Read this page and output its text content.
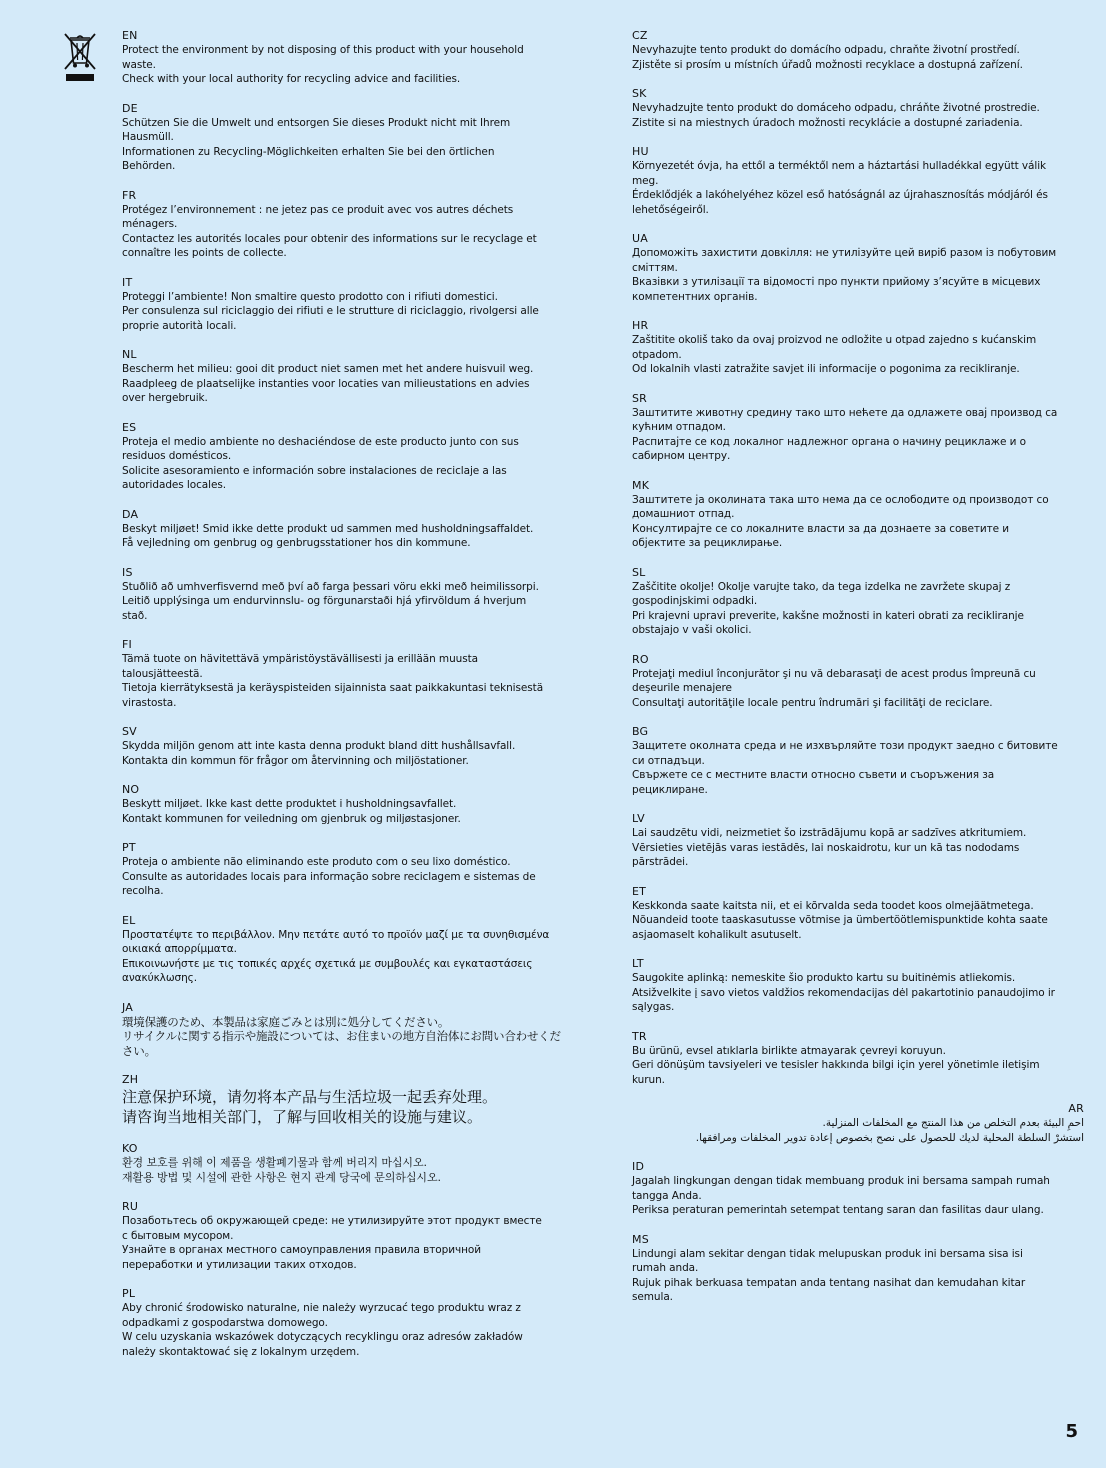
EN
Protect the environment by not disposing of this product with your household
waste.
Check with your local authority for recycling advice and facilities.
DE
Schützen Sie die Umwelt und entsorgen Sie dieses Produkt nicht mit Ihrem
Hausmüll.
Informationen zu Recycling-Möglichkeiten erhalten Sie bei den örtlichen
Behörden.
FR
Protégez l’environnement : ne jetez pas ce produit avec vos autres déchets
ménagers.
Contactez les autorités locales pour obtenir des informations sur le recyclage et
connaître les points de collecte.
IT
Proteggi l’ambiente! Non smaltire questo prodotto con i rifiuti domestici.
Per consulenza sul riciclaggio dei rifiuti e le strutture di riciclaggio, rivolgersi alle
proprie autorità locali.
NL
Bescherm het milieu: gooi dit product niet samen met het andere huisvuil weg.
Raadpleeg de plaatselijke instanties voor locaties van milieustations en advies
over hergebruik.
ES
Proteja el medio ambiente no deshaciéndose de este producto junto con sus
residuos domésticos.
Solicite asesoramiento e información sobre instalaciones de reciclaje a las
autoridades locales.
DA
Beskyt miljøet! Smid ikke dette produkt ud sammen med husholdningsaffaldet.
Få vejledning om genbrug og genbrugsstationer hos din kommune.
IS
Stuðlið að umhverfisvernd með því að farga þessari vöru ekki með heimilissorpi.
Leitið upplýsinga um endurvinnslu- og förgunarstaði hjá yfirvöldum á hverjum
stað.
FI
Tämä tuote on hävitettävä ympäristöystävällisesti ja erillään muusta
talousjätteestä.
Tietoja kierrätyksestä ja keräyspisteiden sijainnista saat paikkakuntasi teknisestä
virastosta.
SV
Skydda miljön genom att inte kasta denna produkt bland ditt hushållsavfall.
Kontakta din kommun för frågor om återvinning och miljöstationer.
NO
Beskytt miljøet. Ikke kast dette produktet i husholdningsavfallet.
Kontakt kommunen for veiledning om gjenbruk og miljøstasjoner.
PT
Proteja o ambiente não eliminando este produto com o seu lixo doméstico.
Consulte as autoridades locais para informação sobre reciclagem e sistemas de
recolha.
EL
Προστατέψτε το περιβάλλον. Μην πετάτε αυτό το προϊόν μαζί με τα συνηθισμένα
οικιακά απορρίμματα.
Επικοινωνήστε με τις τοπικές αρχές σχετικά με συμβουλές και εγκαταστάσεις
ανακύκλωσης.
JA
環境保護のため、本製品は家庭ごみとは別に処分してください。
リサイクルに関する指示や施設については、お住まいの地方自治体にお問い合わせくだ
さい。
ZH
注意保护环境，请勿将本产品与生活垃圾一起丢弃处理。
请咨询当地相关部门，了解与回收相关的设施与建议。
KO
환경 보호를 위해 이 제품을 생활폐기물과 함께 버리지 마십시오.
재활용 방법 및 시설에 관한 사항은 현지 관계 당국에 문의하십시오.
RU
Позаботьтесь об окружающей среде: не утилизируйте этот продукт вместе
с бытовым мусором.
Узнайте в органах местного самоуправления правила вторичной
переработки и утилизации таких отходов.
PL
Aby chronić środowisko naturalne, nie należy wyrzucać tego produktu wraz z
odpadkami z gospodarstwa domowego.
W celu uzyskania wskazówek dotyczących recyklingu oraz adresów zakładów
należy skontaktować się z lokalnym urzędem.
CZ
Nevyhazujte tento produkt do domácího odpadu, chraňte životní prostředí.
Zjistěte si prosím u místních úřadů možnosti recyklace a dostupná zařízení.
SK
Nevyhadzujte tento produkt do domáceho odpadu, chráňte životné prostredie.
Zistite si na miestnych úradoch možnosti recyklácie a dostupné zariadenia.
HU
Környezetét óvja, ha ettől a terméktől nem a háztartási hulladékkal együtt válik
meg.
Érdeklődjék a lakóhelyéhez közel eső hatóságnál az újrahasznosítás módjáról és
lehetőségeiről.
UA
Допоможіть захистити довкілля: не утилізуйте цей виріб разом із побутовим
сміттям.
Вказівки з утилізації та відомості про пункти прийому з’ясуйте в місцевих
компетентних органів.
HR
Zaštitite okoliš tako da ovaj proizvod ne odložite u otpad zajedno s kućanskim
otpadom.
Od lokalnih vlasti zatražite savjet ili informacije o pogonima za recikliranje.
SR
Заштитите животну средину тако што нећете да одлажете овај производ са
кућним отпадом.
Распитајте се код локалног надлежног органа о начину рециклаже и о
сабирном центру.
MK
Заштитете ја околината така што нема да се ослободите од производот со
домашниот отпад.
Консултирајте се со локалните власти за да дознаете за советите и
објектите за рециклирање.
SL
Zaščitite okolje! Okolje varujte tako, da tega izdelka ne zavržete skupaj z
gospodinjskimi odpadki.
Pri krajevni upravi preverite, kakšne možnosti in kateri obrati za recikliranje
obstajajo v vaši okolici.
RO
Protejaţi mediul înconjurător şi nu vă debarasaţi de acest produs împreună cu
deşeurile menajere
Consultaţi autorităţile locale pentru îndrumări şi facilităţi de reciclare.
BG
Защитете околната среда и не изхвърляйте този продукт заедно с битовите
си отпадъци.
Свържете се с местните власти относно съвети и съоръжения за
рециклиране.
LV
Lai saudzētu vidi, neizmetiet šo izstrādājumu kopā ar sadzīves atkritumiem.
Vērsieties vietējās varas iestādēs, lai noskaidrotu, kur un kā tas nododams
pārstrādei.
ET
Keskkonda saate kaitsta nii, et ei kõrvalda seda toodet koos olmejäätmetega.
Nõuandeid toote taaskasutusse võtmise ja ümbertöötlemispunktide kohta saate
asjaomaselt kohalikult asutuselt.
LT
Saugokite aplinką: nemeskite šio produkto kartu su buitinėmis atliekomis.
Atsižvelkite į savo vietos valdžios rekomendacijas dėl pakartotinio panaudojimo ir
sąlygas.
TR
Bu ürünü, evsel atıklarla birlikte atmayarak çevreyi koruyun.
Geri dönüşüm tavsiyeleri ve tesisler hakkında bilgi için yerel yönetimle iletişim
kurun.
AR
احمِ البيئة بعدم التخلص من هذا المنتج مع المخلفات المنزلية.
استشرْ السلطة المحلية لديك للحصول على نصح بخصوص إعادة تدوير المخلفات ومرافقها.
ID
Jagalah lingkungan dengan tidak membuang produk ini bersama sampah rumah
tangga Anda.
Periksa peraturan pemerintah setempat tentang saran dan fasilitas daur ulang.
MS
Lindungi alam sekitar dengan tidak melupuskan produk ini bersama sisa isi
rumah anda.
Rujuk pihak berkuasa tempatan anda tentang nasihat dan kemudahan kitar
semula.
5
